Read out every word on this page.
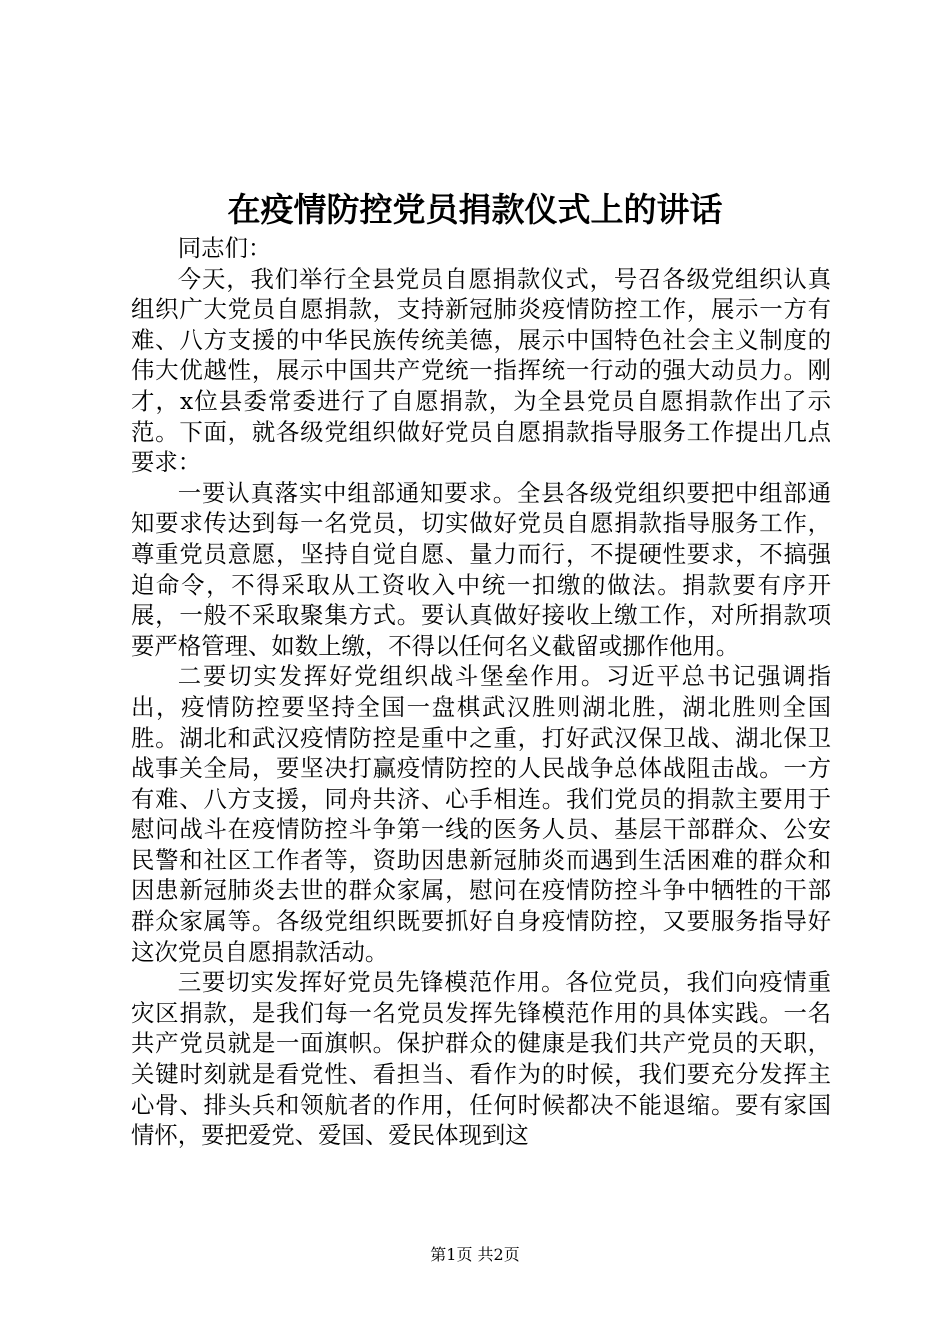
在疫情防控党员捐款仪式上的讲话

同志们：

今天，我们举行全县党员自愿捐款仪式，号召各级党组织认真组织广大党员自愿捐款，支持新冠肺炎疫情防控工作，展示一方有难、八方支援的中华民族传统美德，展示中国特色社会主义制度的伟大优越性，展示中国共产党统一指挥统一行动的强大动员力。刚才，x位县委常委进行了自愿捐款，为全县党员自愿捐款作出了示范。下面，就各级党组织做好党员自愿捐款指导服务工作提出几点要求：

一要认真落实中组部通知要求。全县各级党组织要把中组部通知要求传达到每一名党员，切实做好党员自愿捐款指导服务工作，尊重党员意愿，坚持自觉自愿、量力而行，不提硬性要求，不搞强迫命令，不得采取从工资收入中统一扣缴的做法。捐款要有序开展，一般不采取聚集方式。要认真做好接收上缴工作，对所捐款项要严格管理、如数上缴，不得以任何名义截留或挪作他用。

二要切实发挥好党组织战斗堡垒作用。习近平总书记强调指出，疫情防控要坚持全国一盘棋武汉胜则湖北胜，湖北胜则全国胜。湖北和武汉疫情防控是重中之重，打好武汉保卫战、湖北保卫战事关全局，要坚决打赢疫情防控的人民战争总体战阻击战。一方有难、八方支援，同舟共济、心手相连。我们党员的捐款主要用于慰问战斗在疫情防控斗争第一线的医务人员、基层干部群众、公安民警和社区工作者等，资助因患新冠肺炎而遇到生活困难的群众和因患新冠肺炎去世的群众家属，慰问在疫情防控斗争中牺牲的干部群众家属等。各级党组织既要抓好自身疫情防控，又要服务指导好这次党员自愿捐款活动。

三要切实发挥好党员先锋模范作用。各位党员，我们向疫情重灾区捐款，是我们每一名党员发挥先锋模范作用的具体实践。一名共产党员就是一面旗帜。保护群众的健康是我们共产党员的天职，关键时刻就是看党性、看担当、看作为的时候，我们要充分发挥主心骨、排头兵和领航者的作用，任何时候都决不能退缩。要有家国情怀，要把爱党、爱国、爱民体现到这

第1页 共2页
